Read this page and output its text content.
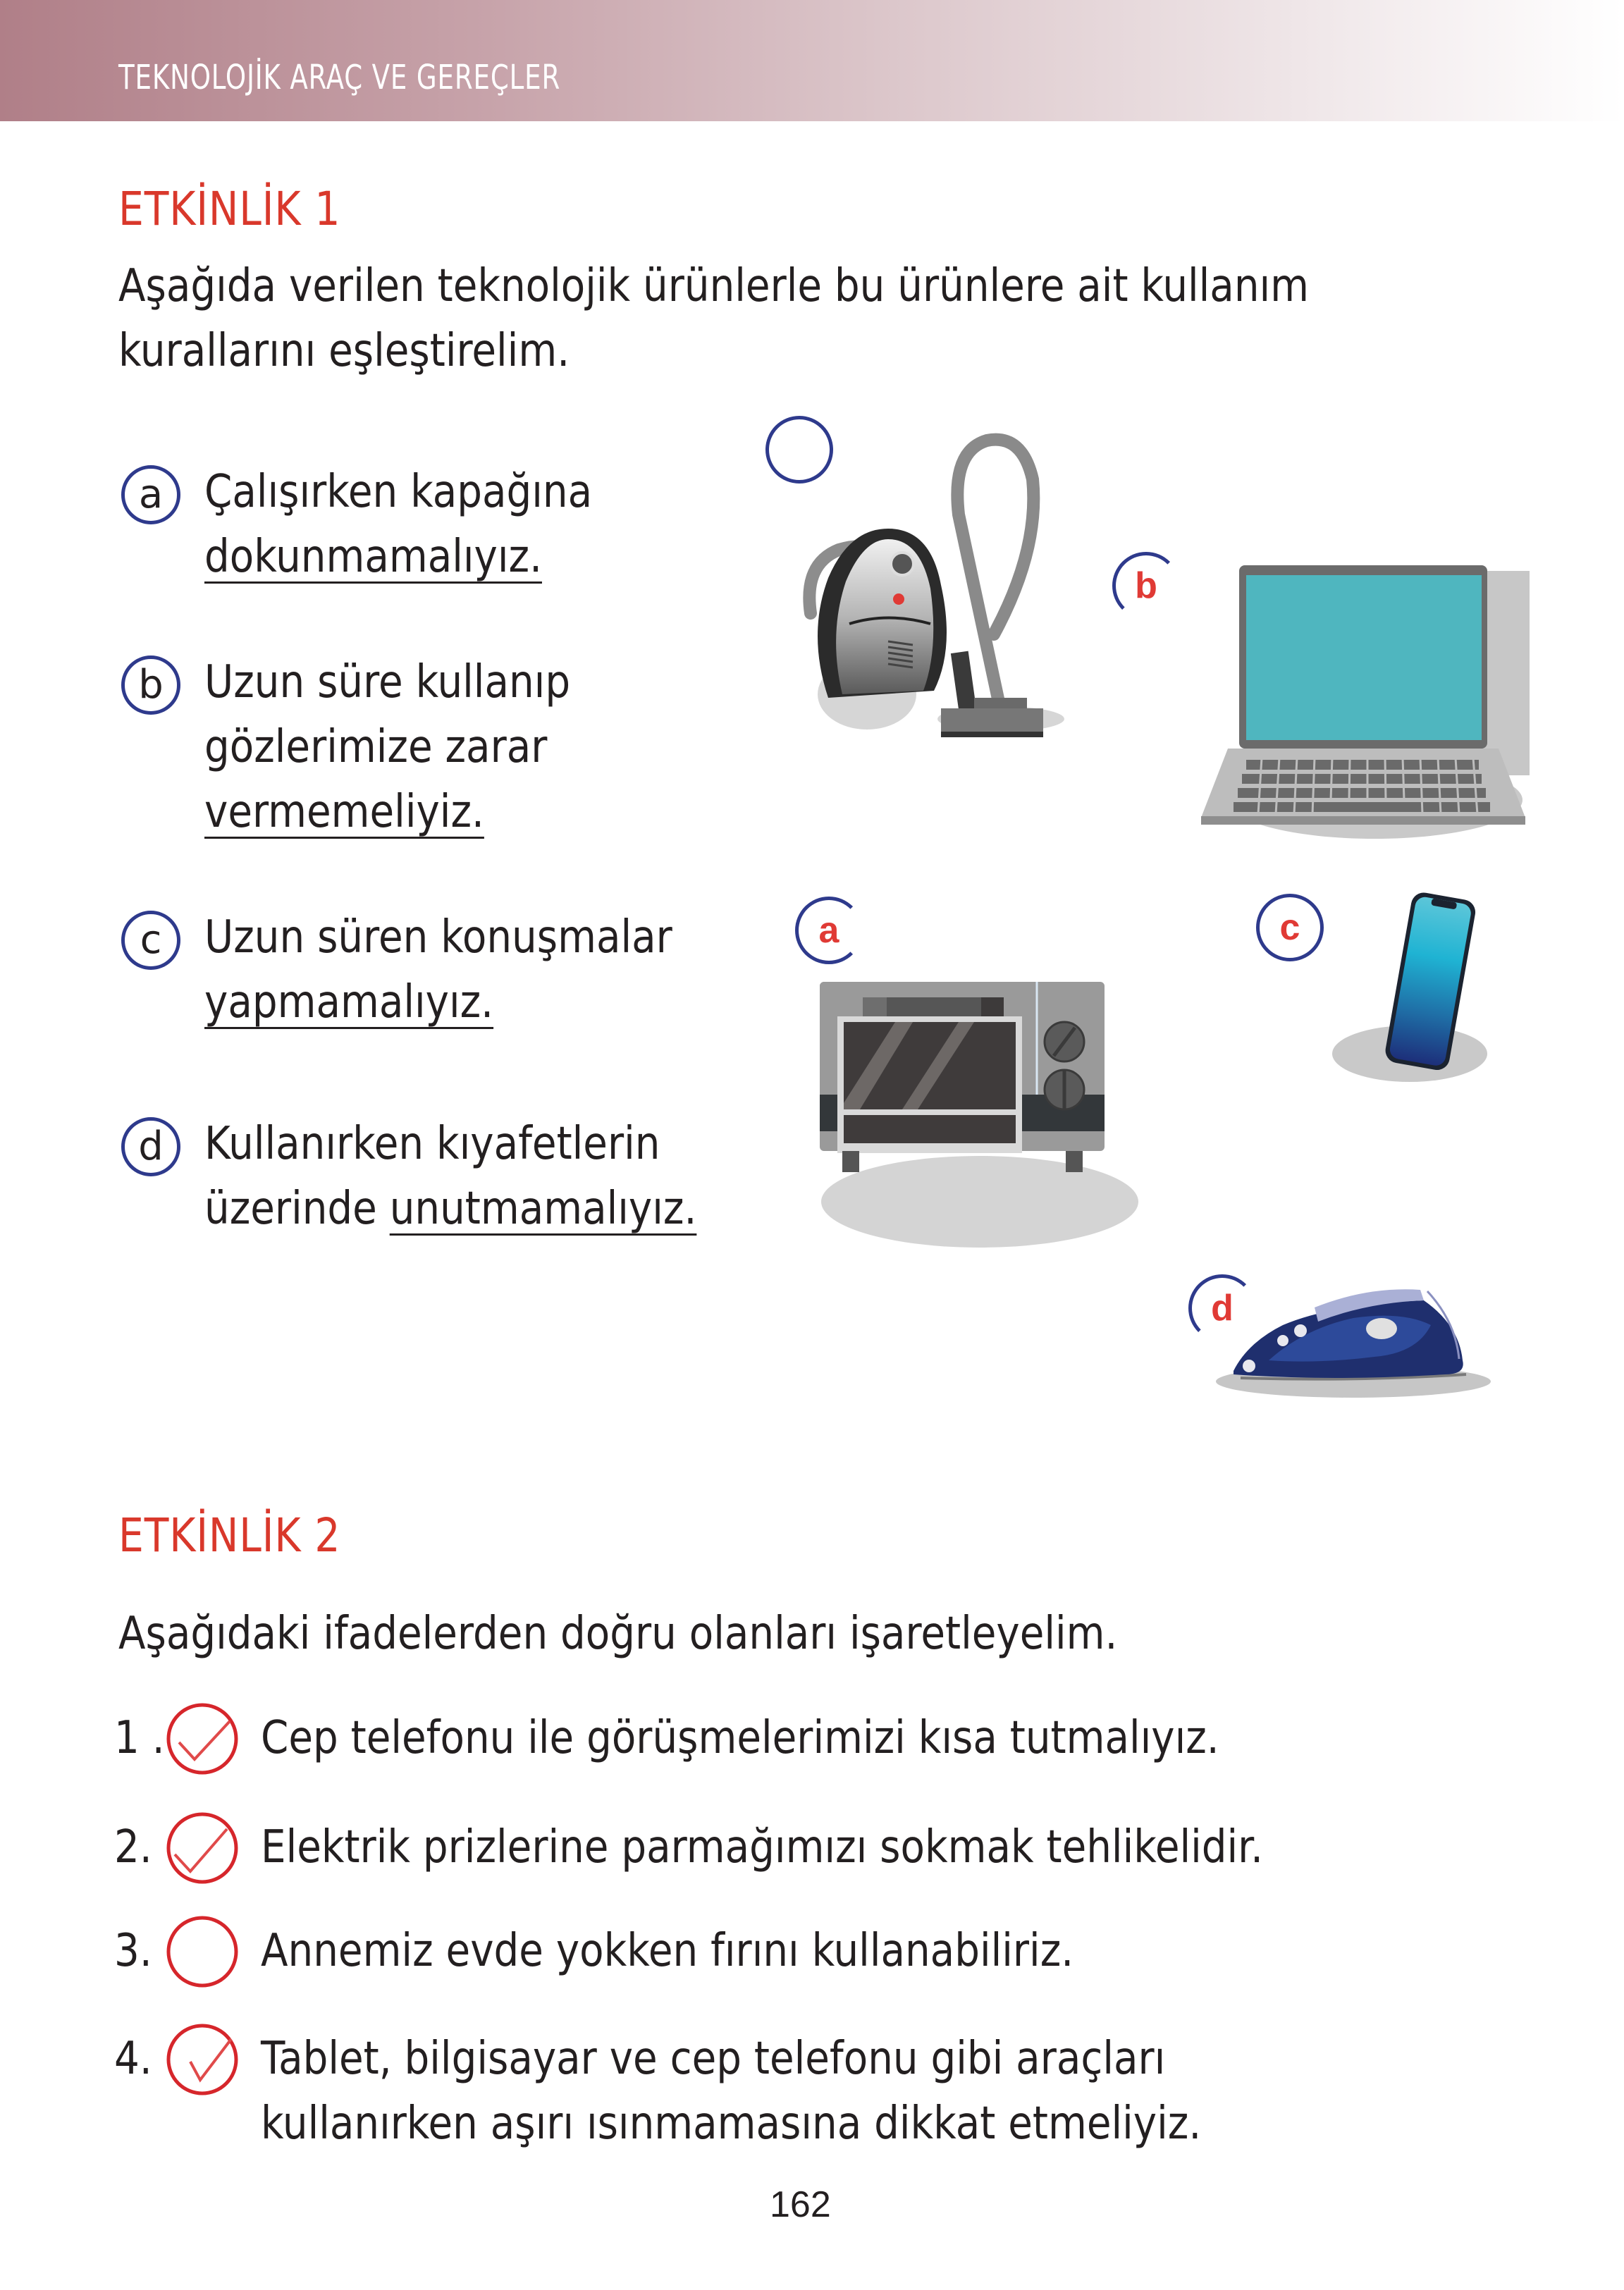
TEKNOLOJİK ARAÇ VE GEREÇLER
ETKİNLİK 1
Aşağıda verilen teknolojik ürünlerle bu ürünlere ait kullanım
kurallarını eşleştirelim.
a Çalışırken kapağına
dokunmamalıyız.
b Uzun süre kullanıp
gözlerimize zarar
vermemeliyiz.
c Uzun süren konuşmalar
yapmamalıyız.
d Kullanırken kıyafetlerin
üzerinde unutmamalıyız.
b
a	c
d
ETKİNLİK 2
Aşağıdaki ifadelerden doğru olanları işaretleyelim.
1 . Cep telefonu ile görüşmelerimizi kısa tutmalıyız.
2. Elektrik prizlerine parmağımızı sokmak tehlikelidir.
3. Annemiz evde yokken fırını kullanabiliriz.
4. Tablet, bilgisayar ve cep telefonu gibi araçları
kullanırken aşırı ısınmamasına dikkat etmeliyiz.
162
